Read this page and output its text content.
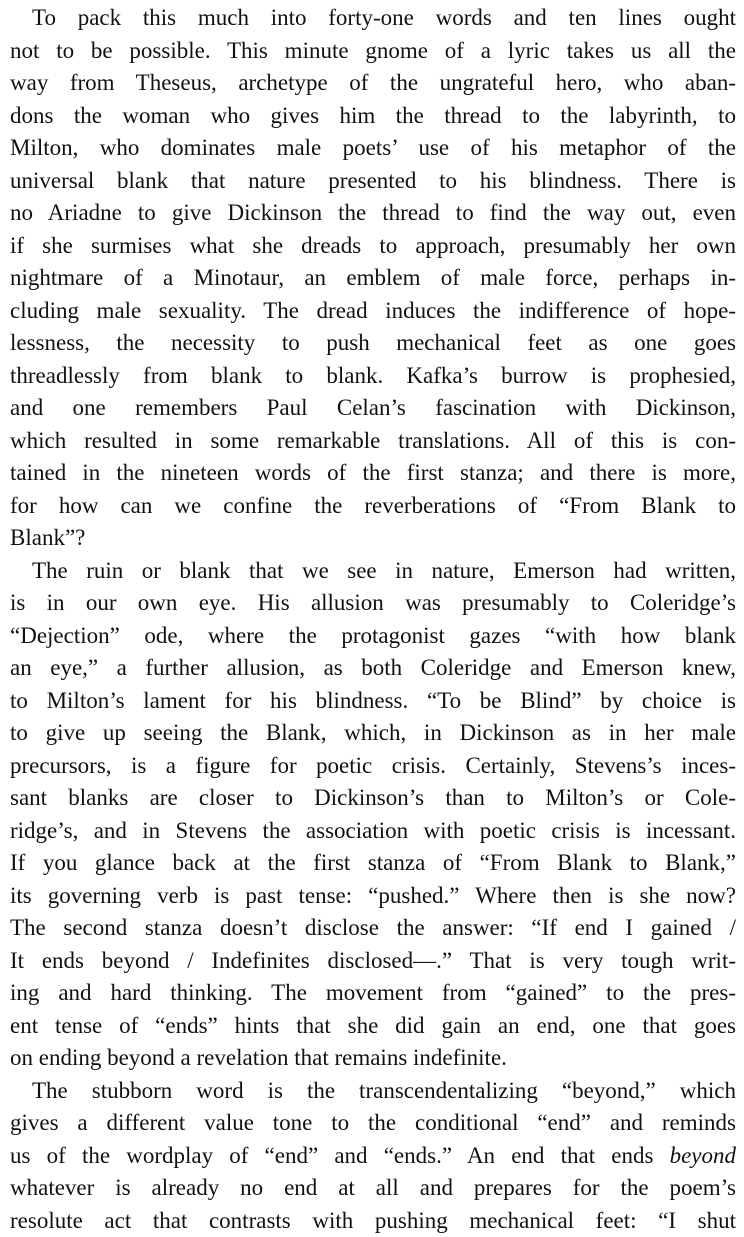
To pack this much into forty-one words and ten lines ought
not to be possible. This minute gnome of a lyric takes us all the
way from Theseus, archetype of the ungrateful hero, who aban-
dons the woman who gives him the thread to the labyrinth, to
Milton, who dominates male poets’ use of his metaphor of the
universal blank that nature presented to his blindness. There is
no Ariadne to give Dickinson the thread to find the way out, even
if she surmises what she dreads to approach, presumably her own
nightmare of a Minotaur, an emblem of male force, perhaps in-
cluding male sexuality. The dread induces the indifference of hope-
lessness, the necessity to push mechanical feet as one goes
threadlessly from blank to blank. Kafka’s burrow is prophesied,
and one remembers Paul Celan’s fascination with Dickinson,
which resulted in some remarkable translations. All of this is con-
tained in the nineteen words of the first stanza; and there is more,
for how can we confine the reverberations of “From Blank to
Blank”?

The ruin or blank that we see in nature, Emerson had written,
is in our own eye. His allusion was presumably to Coleridge’s
“Dejection” ode, where the protagonist gazes “with how blank
an eye,” a further allusion, as both Coleridge and Emerson knew,
to Milton’s lament for his blindness. “To be Blind” by choice is
to give up seeing the Blank, which, in Dickinson as in her male
precursors, is a figure for poetic crisis. Certainly, Stevens’s inces-
sant blanks are closer to Dickinson’s than to Milton’s or Cole-
ridge’s, and in Stevens the association with poetic crisis is incessant.
If you glance back at the first stanza of “From Blank to Blank,”
its governing verb is past tense: “pushed.” Where then is she now?
The second stanza doesn’t disclose the answer: “If end I gained /
It ends beyond / Indefinites disclosed—.” That is very tough writ-
ing and hard thinking. The movement from “gained” to the pres-
ent tense of “ends” hints that she did gain an end, one that goes
on ending beyond a revelation that remains indefinite.

The stubborn word is the transcendentalizing “beyond,” which
gives a different value tone to the conditional “end” and reminds
us of the wordplay of “end” and “ends.” An end that ends beyond
whatever is already no end at all and prepares for the poem’s
resolute act that contrasts with pushing mechanical feet: “I shut
